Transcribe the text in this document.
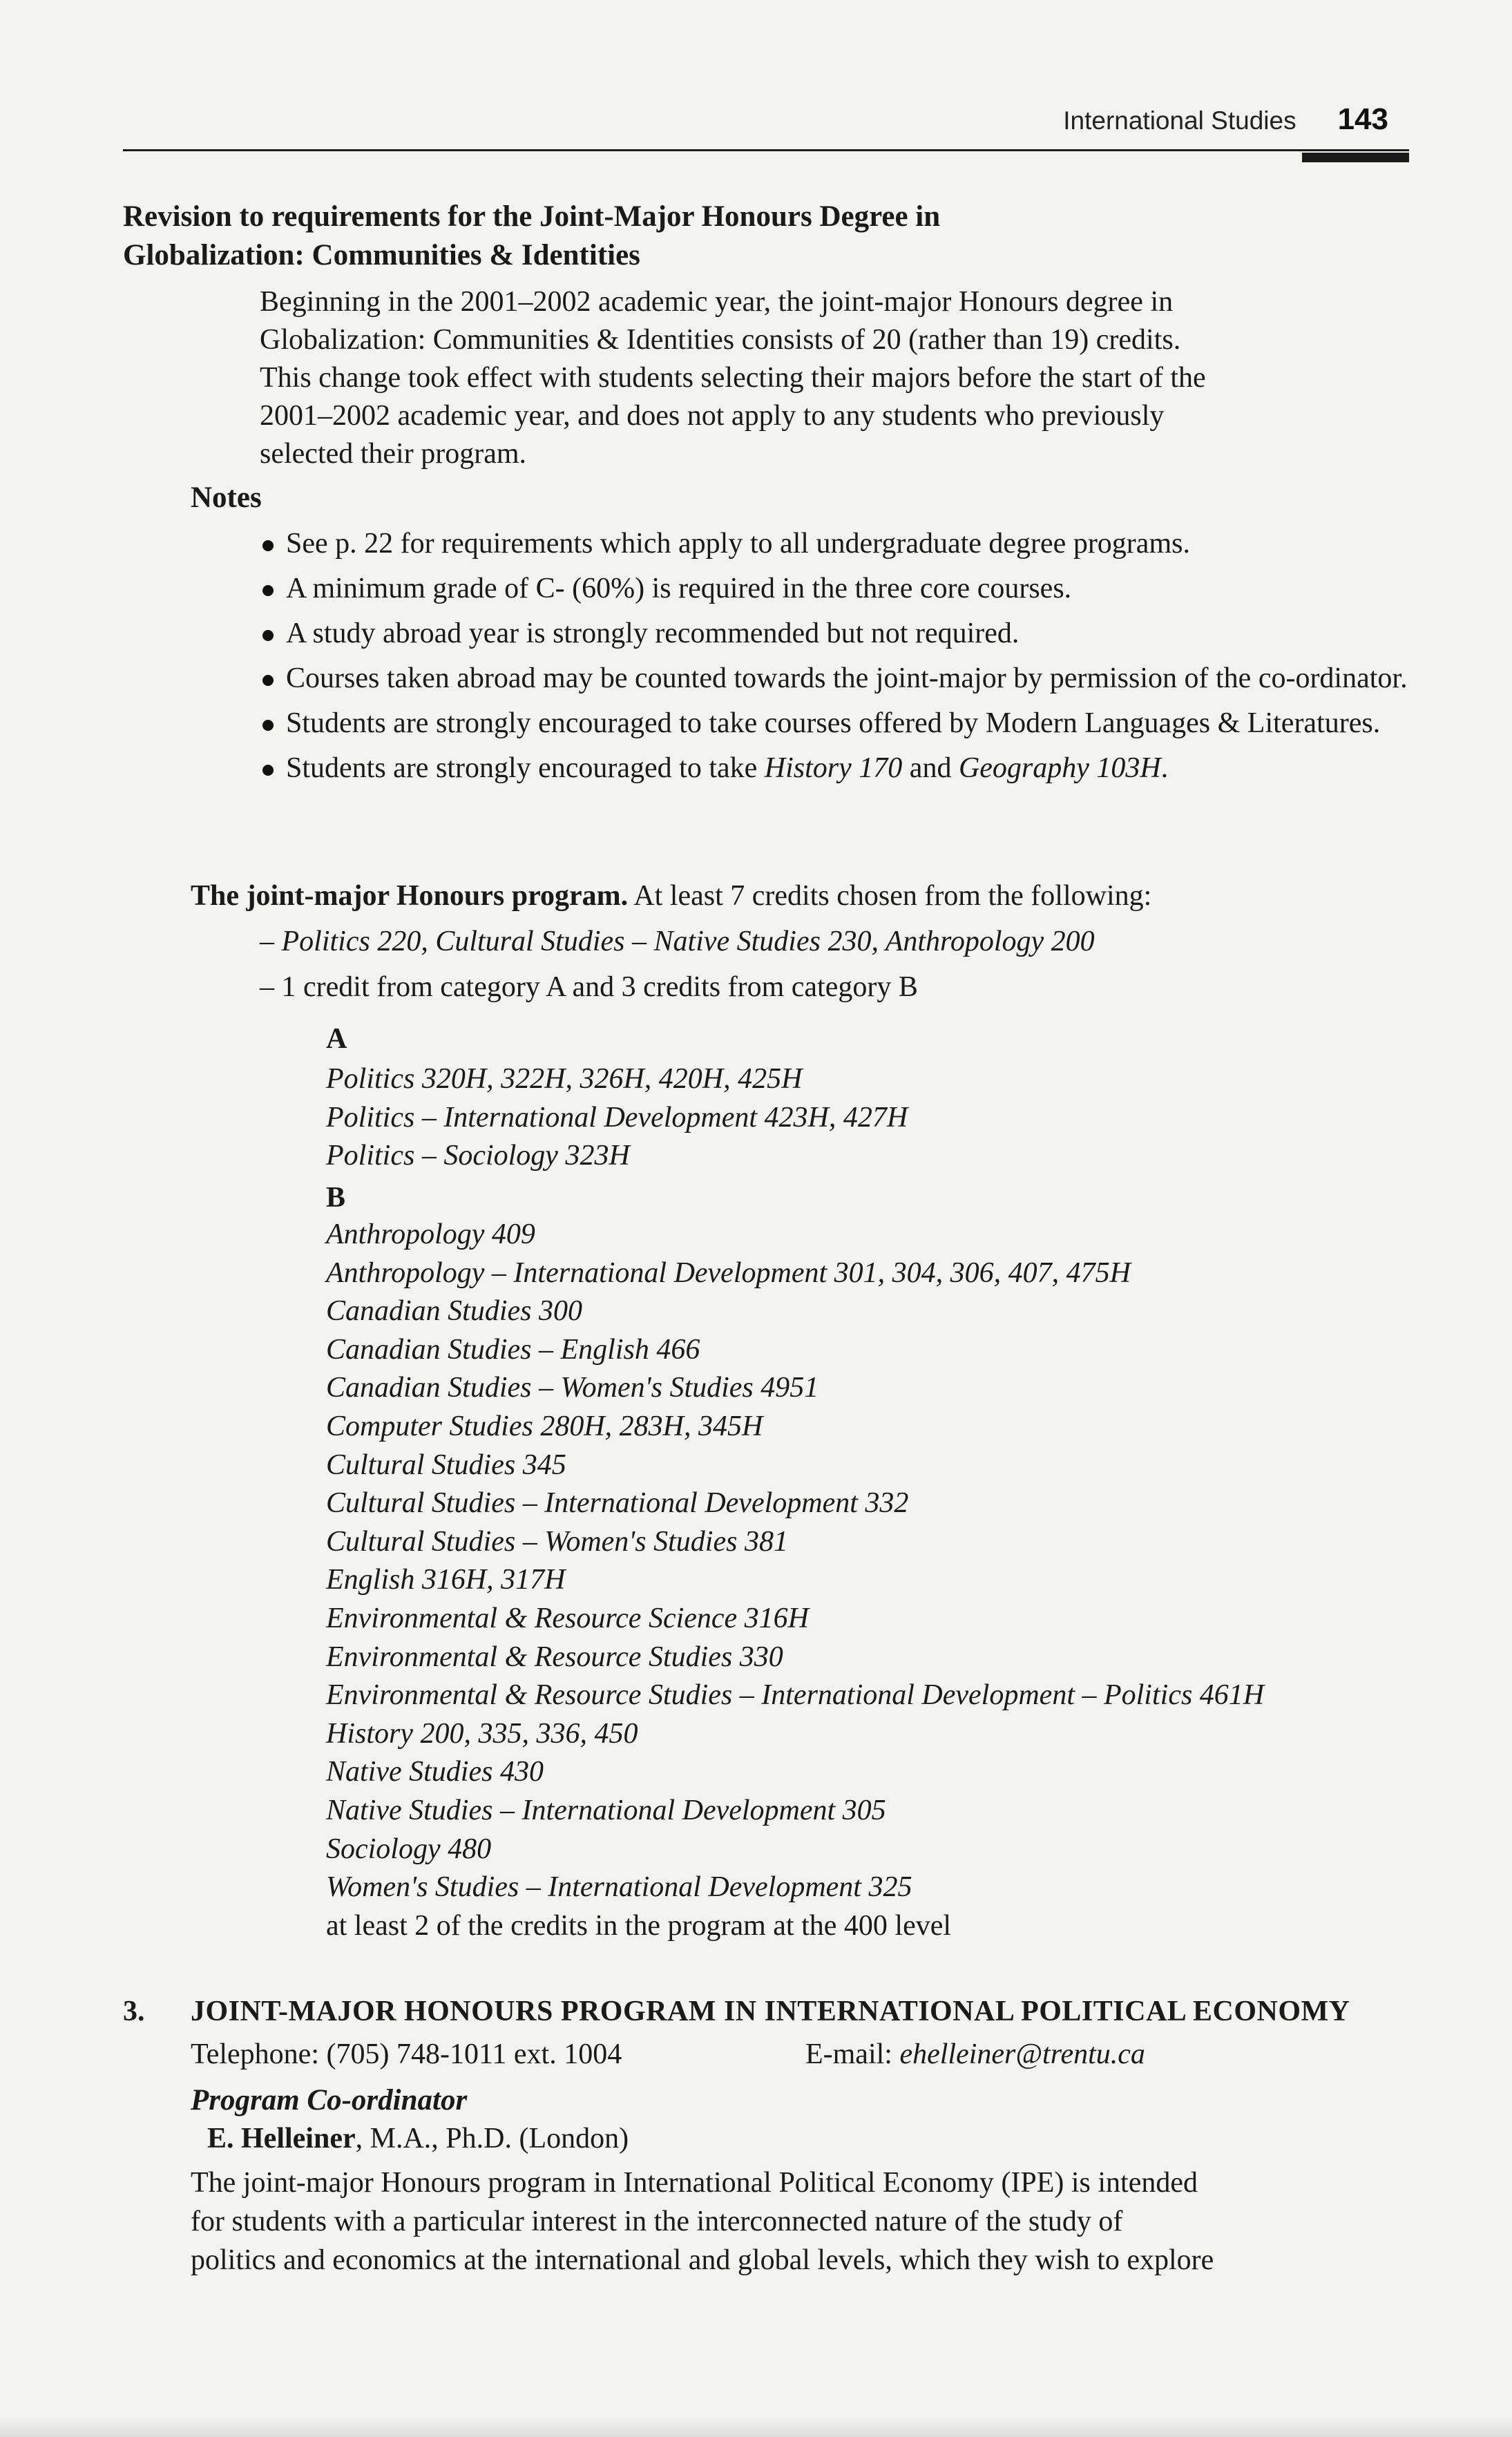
International Studies 143
Revision to requirements for the Joint-Major Honours Degree in
Globalization: Communities & Identities
Beginning in the 2001–2002 academic year, the joint-major Honours degree in
Globalization: Communities & Identities consists of 20 (rather than 19) credits.
This change took effect with students selecting their majors before the start of the
2001–2002 academic year, and does not apply to any students who previously
selected their program.
Notes
See p. 22 for requirements which apply to all undergraduate degree programs.
A minimum grade of C- (60%) is required in the three core courses.
A study abroad year is strongly recommended but not required.
Courses taken abroad may be counted towards the joint-major by permission of the co-ordinator.
Students are strongly encouraged to take courses offered by Modern Languages & Literatures.
Students are strongly encouraged to take History 170 and Geography 103H.
The joint-major Honours program. At least 7 credits chosen from the following:
– Politics 220, Cultural Studies – Native Studies 230, Anthropology 200
– 1 credit from category A and 3 credits from category B
A
Politics 320H, 322H, 326H, 420H, 425H
Politics – International Development 423H, 427H
Politics – Sociology 323H
B
Anthropology 409
Anthropology – International Development 301, 304, 306, 407, 475H
Canadian Studies 300
Canadian Studies – English 466
Canadian Studies – Women's Studies 4951
Computer Studies 280H, 283H, 345H
Cultural Studies 345
Cultural Studies – International Development 332
Cultural Studies – Women's Studies 381
English 316H, 317H
Environmental & Resource Science 316H
Environmental & Resource Studies 330
Environmental & Resource Studies – International Development – Politics 461H
History 200, 335, 336, 450
Native Studies 430
Native Studies – International Development 305
Sociology 480
Women's Studies – International Development 325
at least 2 of the credits in the program at the 400 level
3. JOINT-MAJOR HONOURS PROGRAM IN INTERNATIONAL POLITICAL ECONOMY
Telephone: (705) 748-1011 ext. 1004	E-mail: ehelleiner@trentu.ca
Program Co-ordinator
E. Helleiner, M.A., Ph.D. (London)
The joint-major Honours program in International Political Economy (IPE) is intended
for students with a particular interest in the interconnected nature of the study of
politics and economics at the international and global levels, which they wish to explore
